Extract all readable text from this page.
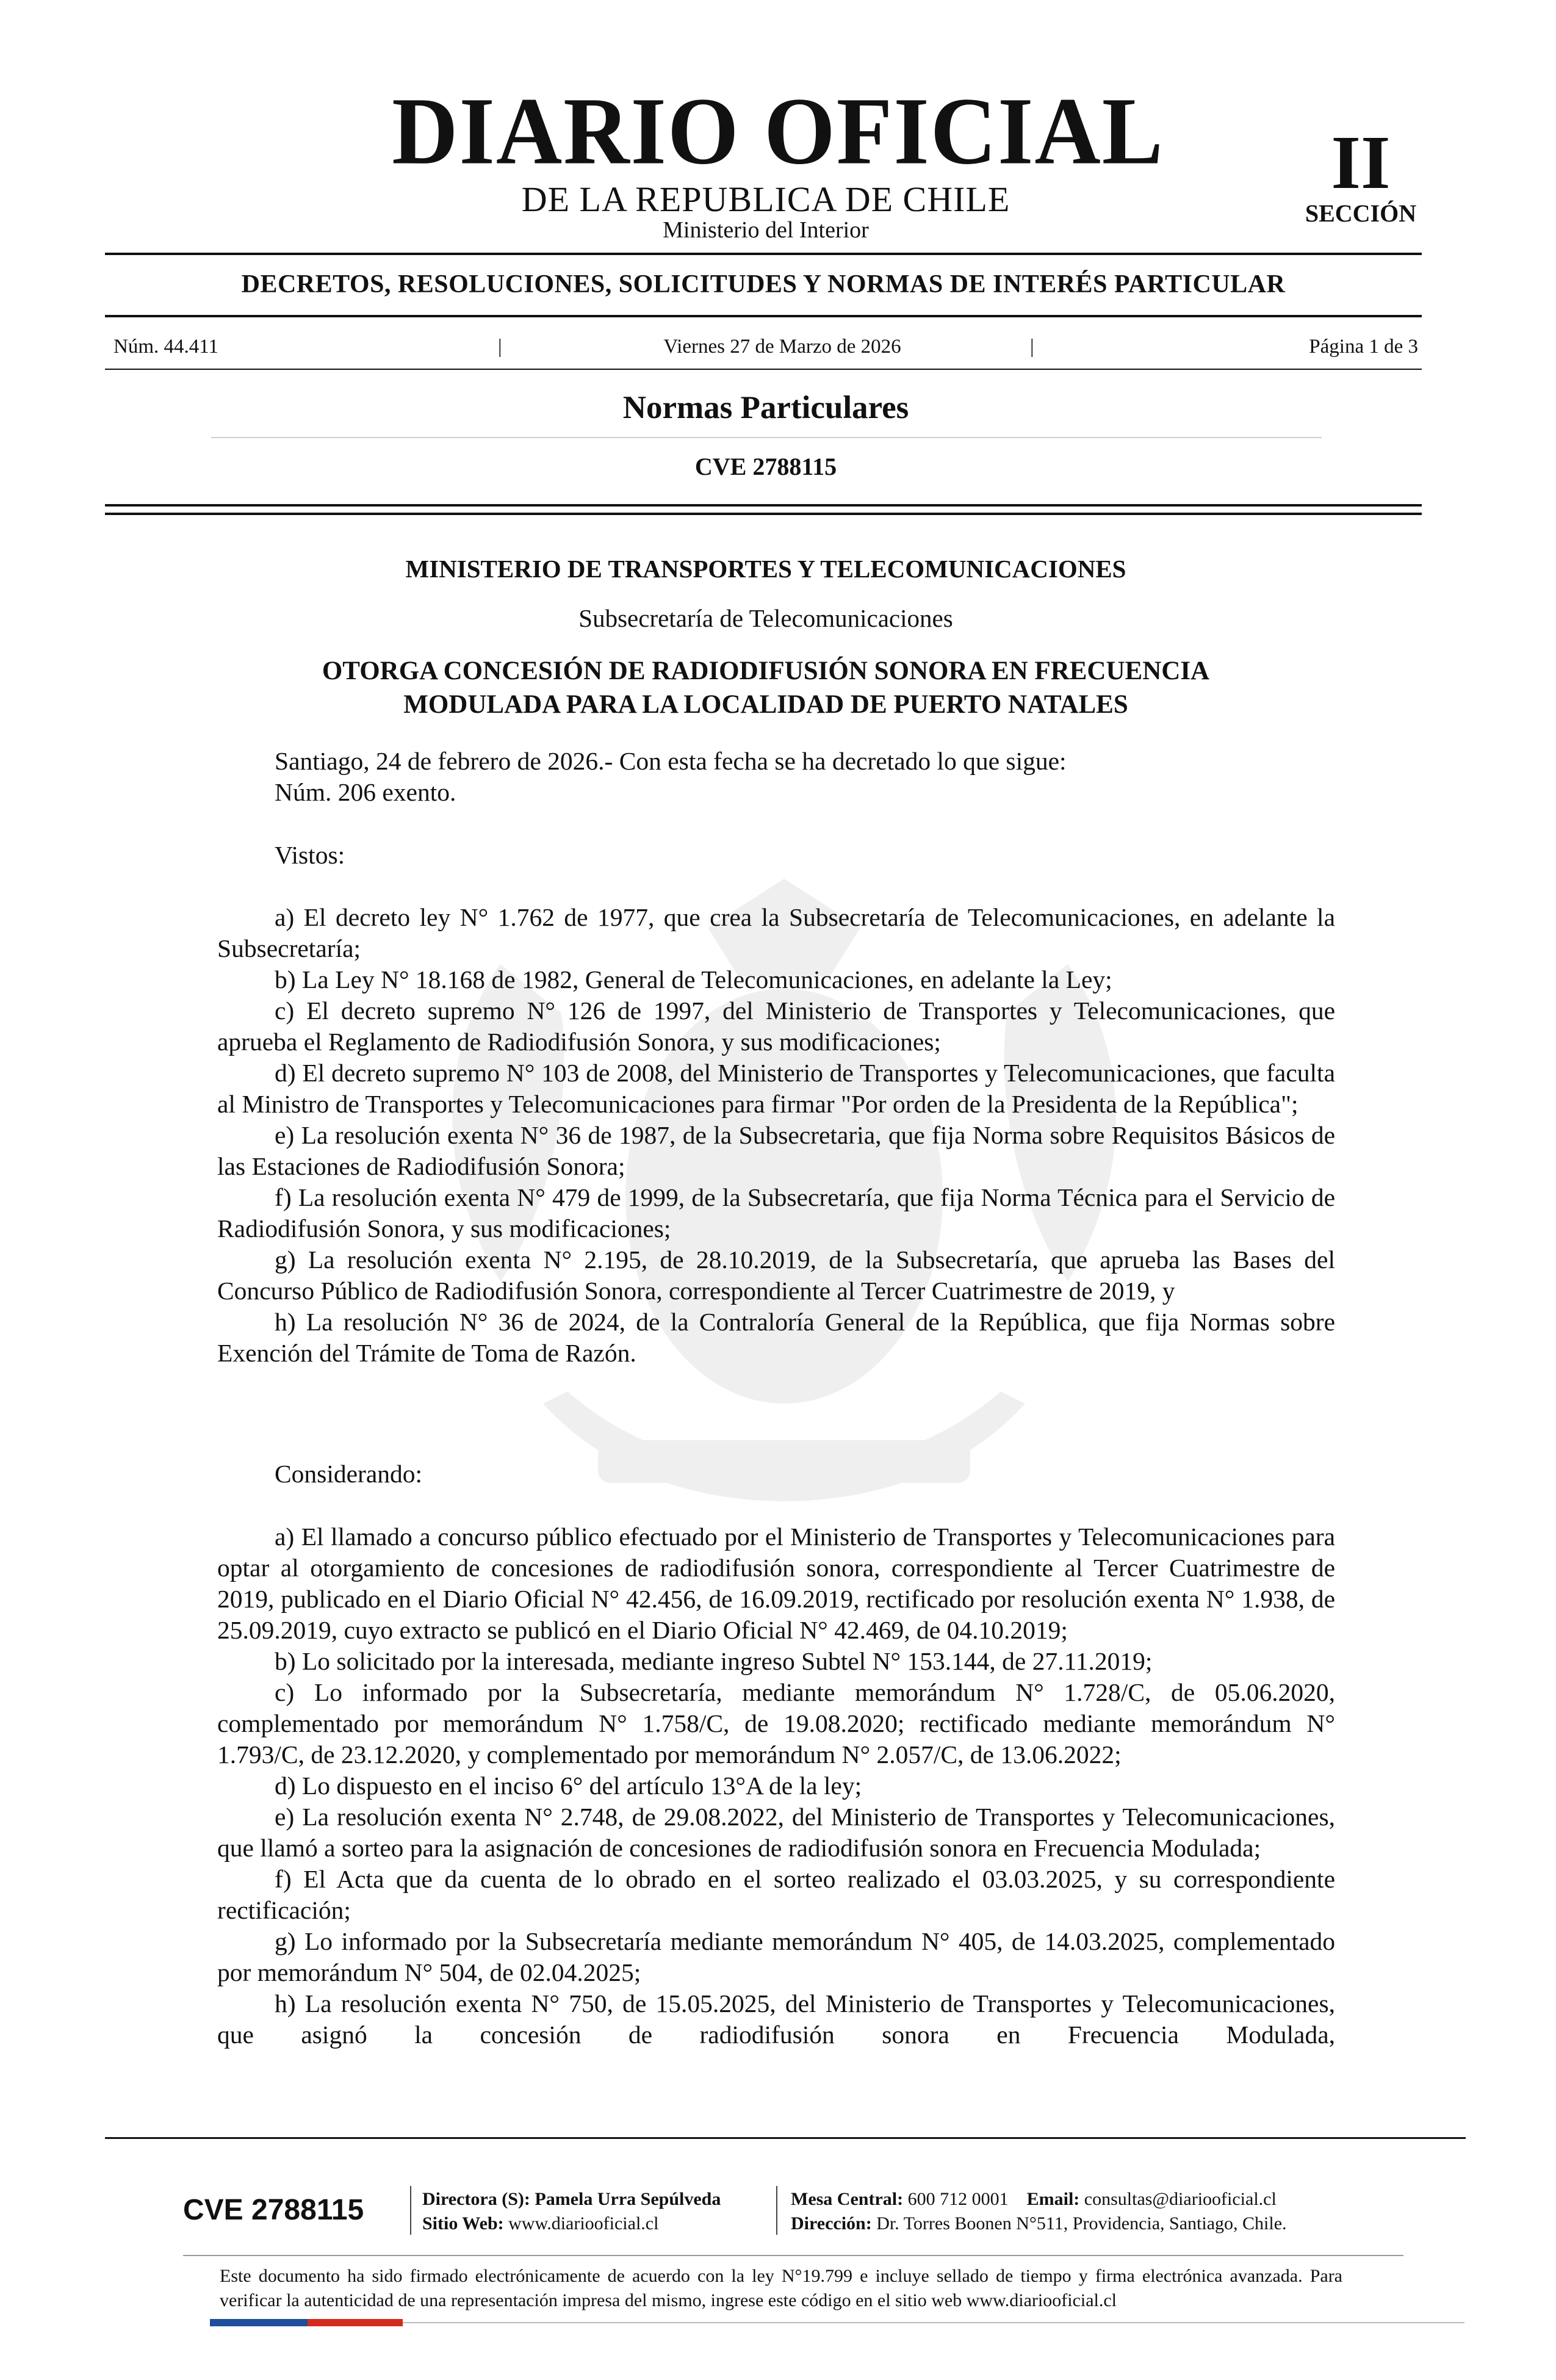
DIARIO OFICIAL
DE LA REPUBLICA DE CHILE
Ministerio del Interior
II
SECCIÓN
DECRETOS, RESOLUCIONES, SOLICITUDES Y NORMAS DE INTERÉS PARTICULAR
Núm. 44.411	|	Viernes 27 de Marzo de 2026	|	Página 1 de 3
Normas Particulares
CVE 2788115
MINISTERIO DE TRANSPORTES Y TELECOMUNICACIONES
Subsecretaría de Telecomunicaciones
OTORGA CONCESIÓN DE RADIODIFUSIÓN SONORA EN FRECUENCIA
MODULADA PARA LA LOCALIDAD DE PUERTO NATALES
Santiago, 24 de febrero de 2026.- Con esta fecha se ha decretado lo que sigue:
Núm. 206 exento.
Vistos:

a) El decreto ley N° 1.762 de 1977, que crea la Subsecretaría de Telecomunicaciones, en adelante la Subsecretaría;

b) La Ley N° 18.168 de 1982, General de Telecomunicaciones, en adelante la Ley;

c) El decreto supremo N° 126 de 1997, del Ministerio de Transportes y Telecomunicaciones, que aprueba el Reglamento de Radiodifusión Sonora, y sus modificaciones;

d) El decreto supremo N° 103 de 2008, del Ministerio de Transportes y Telecomunicaciones, que faculta al Ministro de Transportes y Telecomunicaciones para firmar "Por orden de la Presidenta de la República";

e) La resolución exenta N° 36 de 1987, de la Subsecretaria, que fija Norma sobre Requisitos Básicos de las Estaciones de Radiodifusión Sonora;

f) La resolución exenta N° 479 de 1999, de la Subsecretaría, que fija Norma Técnica para el Servicio de Radiodifusión Sonora, y sus modificaciones;

g) La resolución exenta N° 2.195, de 28.10.2019, de la Subsecretaría, que aprueba las Bases del Concurso Público de Radiodifusión Sonora, correspondiente al Tercer Cuatrimestre de 2019, y

h) La resolución N° 36 de 2024, de la Contraloría General de la República, que fija Normas sobre Exención del Trámite de Toma de Razón.

Considerando:

a) El llamado a concurso público efectuado por el Ministerio de Transportes y Telecomunicaciones para optar al otorgamiento de concesiones de radiodifusión sonora, correspondiente al Tercer Cuatrimestre de 2019, publicado en el Diario Oficial N° 42.456, de 16.09.2019, rectificado por resolución exenta N° 1.938, de 25.09.2019, cuyo extracto se publicó en el Diario Oficial N° 42.469, de 04.10.2019;

b) Lo solicitado por la interesada, mediante ingreso Subtel N° 153.144, de 27.11.2019;

c) Lo informado por la Subsecretaría, mediante memorándum N° 1.728/C, de 05.06.2020, complementado por memorándum N° 1.758/C, de 19.08.2020; rectificado mediante memorándum N° 1.793/C, de 23.12.2020, y complementado por memorándum N° 2.057/C, de 13.06.2022;

d) Lo dispuesto en el inciso 6° del artículo 13°A de la ley;

e) La resolución exenta N° 2.748, de 29.08.2022, del Ministerio de Transportes y Telecomunicaciones, que llamó a sorteo para la asignación de concesiones de radiodifusión sonora en Frecuencia Modulada;

f) El Acta que da cuenta de lo obrado en el sorteo realizado el 03.03.2025, y su correspondiente rectificación;

g) Lo informado por la Subsecretaría mediante memorándum N° 405, de 14.03.2025, complementado por memorándum N° 504, de 02.04.2025;

h) La resolución exenta N° 750, de 15.05.2025, del Ministerio de Transportes y Telecomunicaciones, que asignó la concesión de radiodifusión sonora en Frecuencia Modulada,

CVE 2788115	Directora (S): Pamela Urra Sepúlveda
Sitio Web: www.diariooficial.cl
Mesa Central: 600 712 0001 Email: consultas@diariooficial.cl
Dirección: Dr. Torres Boonen N°511, Providencia, Santiago, Chile.
Este documento ha sido firmado electrónicamente de acuerdo con la ley N°19.799 e incluye sellado de tiempo y firma electrónica avanzada. Para verificar la autenticidad de una representación impresa del mismo, ingrese este código en el sitio web www.diariooficial.cl
